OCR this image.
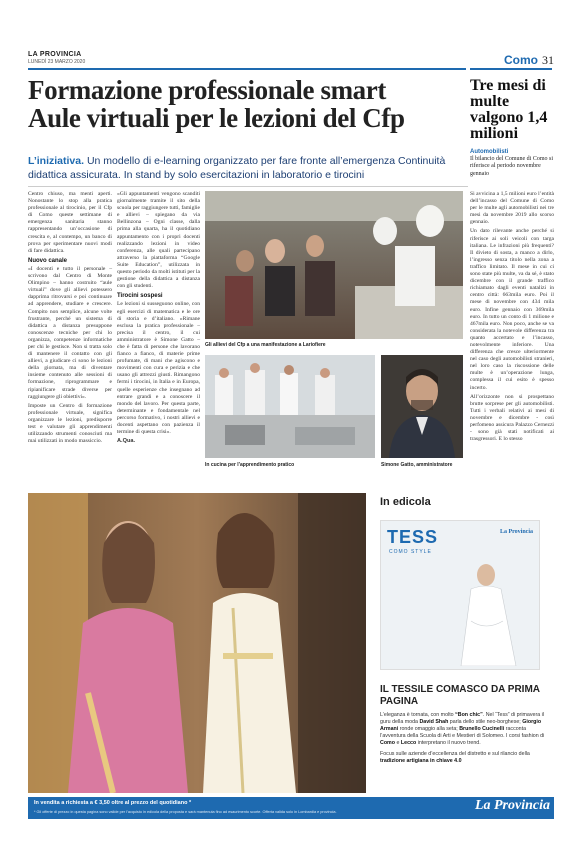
LA PROVINCIA
LUNEDÌ 23 MARZO 2020	Como 31
Formazione professionale smart
Aule virtuali per le lezioni del Cfp
L’iniziativa. Un modello di e-learning organizzato per fare fronte all’emergenza Continuità didattica assicurata. In stand by solo esercitazioni in laboratorio e tirocini

Centro chiuso, ma menti aperti. Nonostante lo stop alla pratica professionale al tirocinio, per il Cfp di Como queste settimane di emergenza sanitaria stanno rappresentando un’occasione di crescita e, al contempo, un banco di prova per sperimentare nuovi modi di fare didattica.

Nuovo canale

«I docenti e tutto il personale –scrivono dal Centro di Monte Olimpino – hanno costruito “aule virtuali” dove gli allievi potessero dapprima ritrovarsi e poi continuare ad apprendere, studiare e crescere. Compito non semplice, alcune volte frustrante, perché un sistema di didattica a distanza presuppone conoscenze tecniche per chi lo organizza, competenze informatiche per chi le gestisce. Non si tratta solo di mantenere il contatto con gli allievi, a giudicare ci sono le lezioni della giornata, ma di diventare insieme contenuto alle sessioni di formazione, riprogrammare e ripianificare strade diverse per raggiungere gli obiettivi».

Imposte un Centro di formazione professionale virtuale, significa organizzare le lezioni, predisporre test e valutare gli apprendimenti utilizzando strumenti conosciuti ma mai utilizzati in modo massiccio.

«Gli appuntamenti vengono scanditi giornalmente tramite il sito della scuola per raggiungere tutti, famiglie e allievi – spiegano da via Bellinzona – Ogni classe, dalla prima alla quarta, ha il quotidiano appuntamento con i propri docenti realizzando lezioni in video conferenza, alle quali partecipano attraverso la piattaforma “Google Suite Education”, utilizzata in questo periodo da molti istituti per la gestione della didattica a distanza con gli studenti.

Tirocini sospesi

Le lezioni si susseguono online, con egli esercizi di matematica e le ore di storia e d’italiano. «Rimane esclusa la pratica professionale – precisa il centro, il cui amministratore è Simone Gatto – che è fatta di persone che lavorano fianco a fianco, di materie prime profumate, di mani che agiscono e movimenti con cura e perizia e che usano gli attrezzi giusti. Rimangono fermi i tirocini, in Italia e in Europa, quelle esperienze che insegnano ad entrare grandi e a conoscere il mondo del lavoro. Per questa parte, determinante e fondamentale nel percorso formativo, i nostri allievi e docenti aspettano con pazienza il termine di questa crisi».

A.Qua.

Gli allievi del Cfp a una manifestazione a Lariofiere
In cucina per l’apprendimento pratico	Simone Gatto, amministratore
Tre mesi di multe valgono 1,4 milioni
Automobilisti
Il bilancio del Comune di Como si riferisce al periodo novembre gennaio

Si avvicina a 1,5 milioni euro l’entità dell’incasso del Comune di Como per le multe agli automobilisti nei tre mesi da novembre 2019 allo scorso gennaio.

Un dato rilevante anche perché si riferisce ai soli veicoli con targa italiana. Le infrazioni più frequenti? Il divieto di sosta, a manco a dirlo, l’ingresso senza titolo nella zona a traffico limitato. Il mese in cui ci sono state più multe, va da sé, è stato dicembre con il grande traffico richiamato dagli eventi natalizi in centro città: 663mila euro. Poi il mese di novembre con 434 mila euro. Infine gennaio con 369mila euro. In tutto un conto di 1 milione e 467mila euro. Non poco, anche se va considerata la notevole differenza tra quanto accertato e l’incasso, notevolmente inferiore. Una differenza che cresce ulteriormente nel caso degli automobilisti stranieri, nel loro caso la riscossione delle multe è un’operazione lunga, complessa il cui esito è spesso incerto.

All’orizzonte non si prospettano brutte sorprese per gli automobilisti. Tutti i verbali relativi ai mesi di novembre e dicembre - così perfomeno assicura Palazzo Cernezzi - sono già stati notificati ai trasgressori. E lo stesso

In edicola
TESS
COMO STYLE
La Provincia
IL TESSILE COMASCO DA PRIMA PAGINA

L’eleganza è tornata, con molto “Bon chic”. Nel “Tess” di primavera il guru della moda David Shah parla dello stile neo-borghese; Giorgio Armani ronde omaggio alla seta; Brunello Cucinelli racconta l’avventura della Scuola di Arti e Mestieri di Solomeo. I corsi fashion di Como e Lecco interpretano il nuovo trend.

Focus sulle aziende d’eccellenza del distretto e sul rilancio della tradizione artigiana in chiave 4.0

In vendita a richiesta a € 3,50 oltre al prezzo del quotidiano *
* Gli offerte di prezzo in questa pagina sono valide per l’acquisto in edicola della proposta e sarà mantenuta fino ad esaurimento scorte. Offerta valida solo in Lombardia e provincia.	La Provincia
